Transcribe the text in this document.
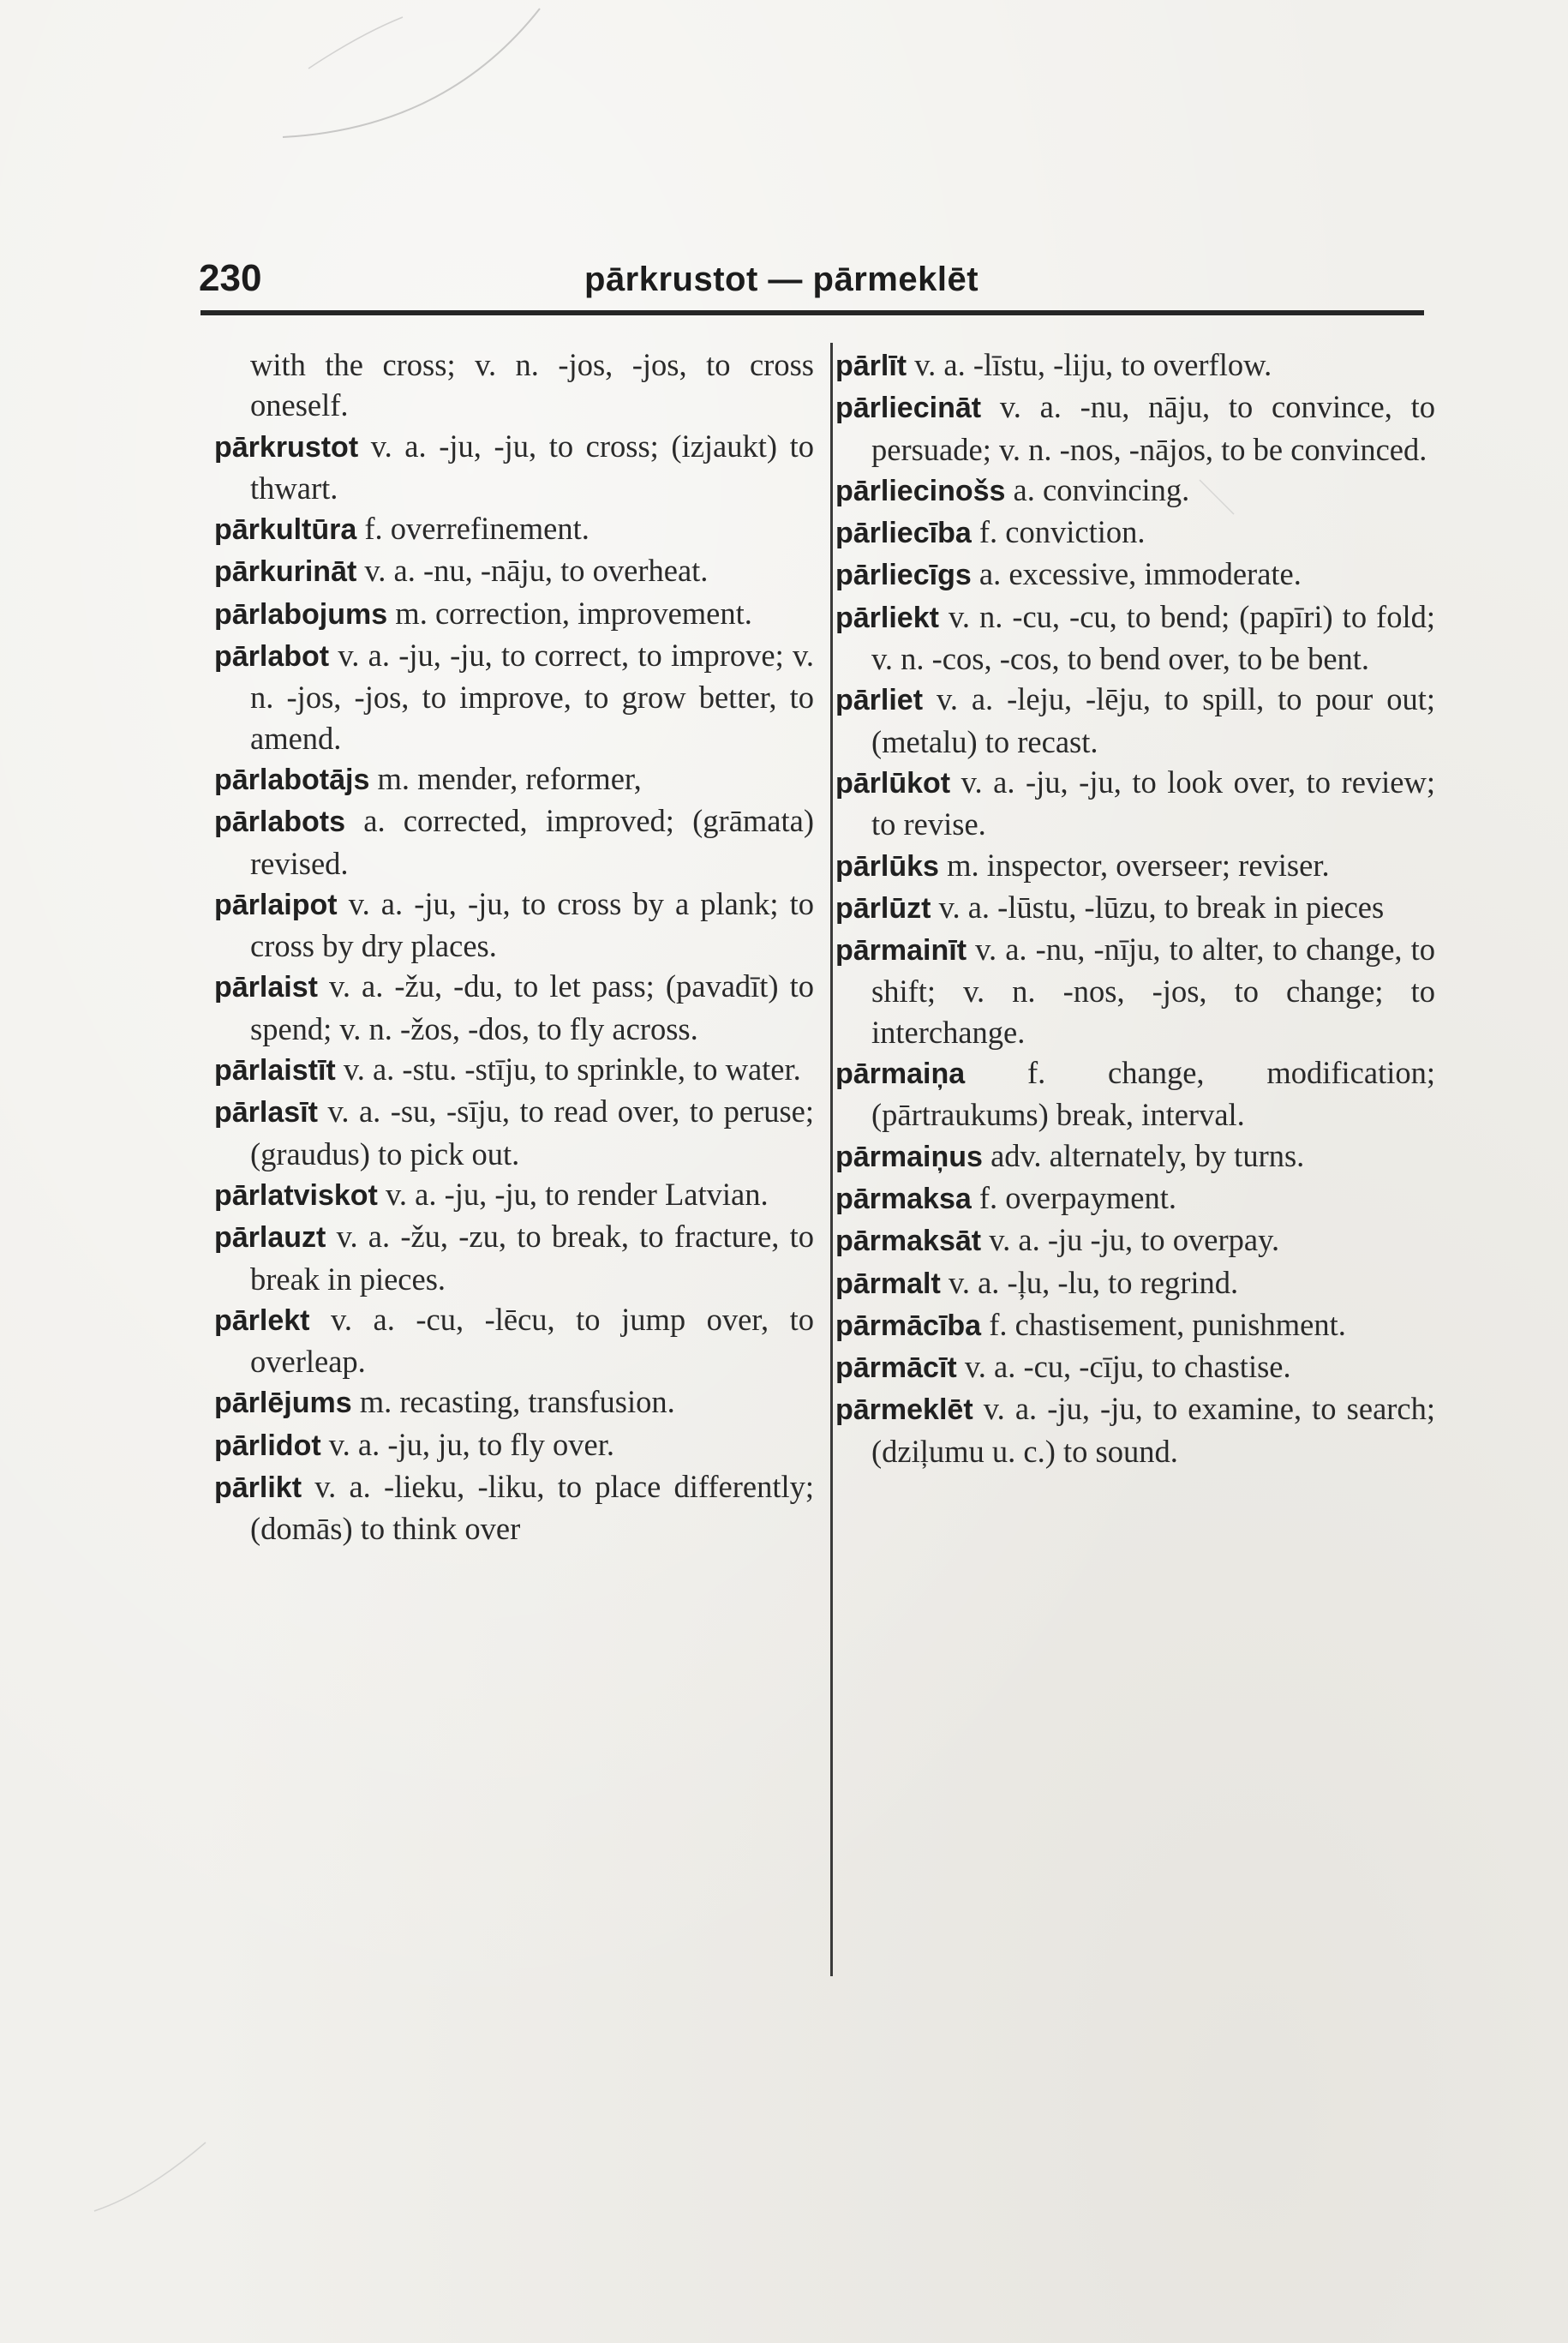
230	pārkrustot — pārmeklēt

with the cross; v. n. -jos, -jos, to cross oneself.

pārkrustot v. a. -ju, -ju, to cross; (izjaukt) to thwart.

pārkultūra f. overrefinement.

pārkurināt v. a. -nu, -nāju, to overheat.

pārlabojums m. correction, improvement.

pārlabot v. a. -ju, -ju, to correct, to improve; v. n. -jos, -jos, to improve, to grow better, to amend.

pārlabotājs m. mender, reformer,

pārlabots a. corrected, improved; (grāmata) revised.

pārlaipot v. a. -ju, -ju, to cross by a plank; to cross by dry places.

pārlaist v. a. -žu, -du, to let pass; (pavadīt) to spend; v. n. -žos, -dos, to fly across.

pārlaistīt v. a. -stu. -stīju, to sprinkle, to water.

pārlasīt v. a. -su, -sīju, to read over, to peruse; (graudus) to pick out.

pārlatviskot v. a. -ju, -ju, to render Latvian.

pārlauzt v. a. -žu, -zu, to break, to fracture, to break in pieces.

pārlekt v. a. -cu, -lēcu, to jump over, to overleap.

pārlējums m. recasting, transfusion.

pārlidot v. a. -ju, ju, to fly over.

pārlikt v. a. -lieku, -liku, to place differently; (domās) to think over

pārlīt v. a. -līstu, -liju, to overflow.

pārliecināt v. a. -nu, nāju, to convince, to persuade; v. n. -nos, -nājos, to be convinced.

pārliecinošs a. convincing.

pārliecība f. conviction.

pārliecīgs a. excessive, immoderate.

pārliekt v. n. -cu, -cu, to bend; (papīri) to fold; v. n. -cos, -cos, to bend over, to be bent.

pārliet v. a. -leju, -lēju, to spill, to pour out; (metalu) to recast.

pārlūkot v. a. -ju, -ju, to look over, to review; to revise.

pārlūks m. inspector, overseer; reviser.

pārlūzt v. a. -lūstu, -lūzu, to break in pieces

pārmainīt v. a. -nu, -nīju, to alter, to change, to shift; v. n. -nos, -jos, to change; to interchange.

pārmaiņa f. change, modification; (pārtraukums) break, interval.

pārmaiņus adv. alternately, by turns.

pārmaksa f. overpayment.

pārmaksāt v. a. -ju -ju, to overpay.

pārmalt v. a. -ļu, -lu, to regrind.

pārmācība f. chastisement, punishment.

pārmācīt v. a. -cu, -cīju, to chastise.

pārmeklēt v. a. -ju, -ju, to examine, to search; (dziļumu u. c.) to sound.
